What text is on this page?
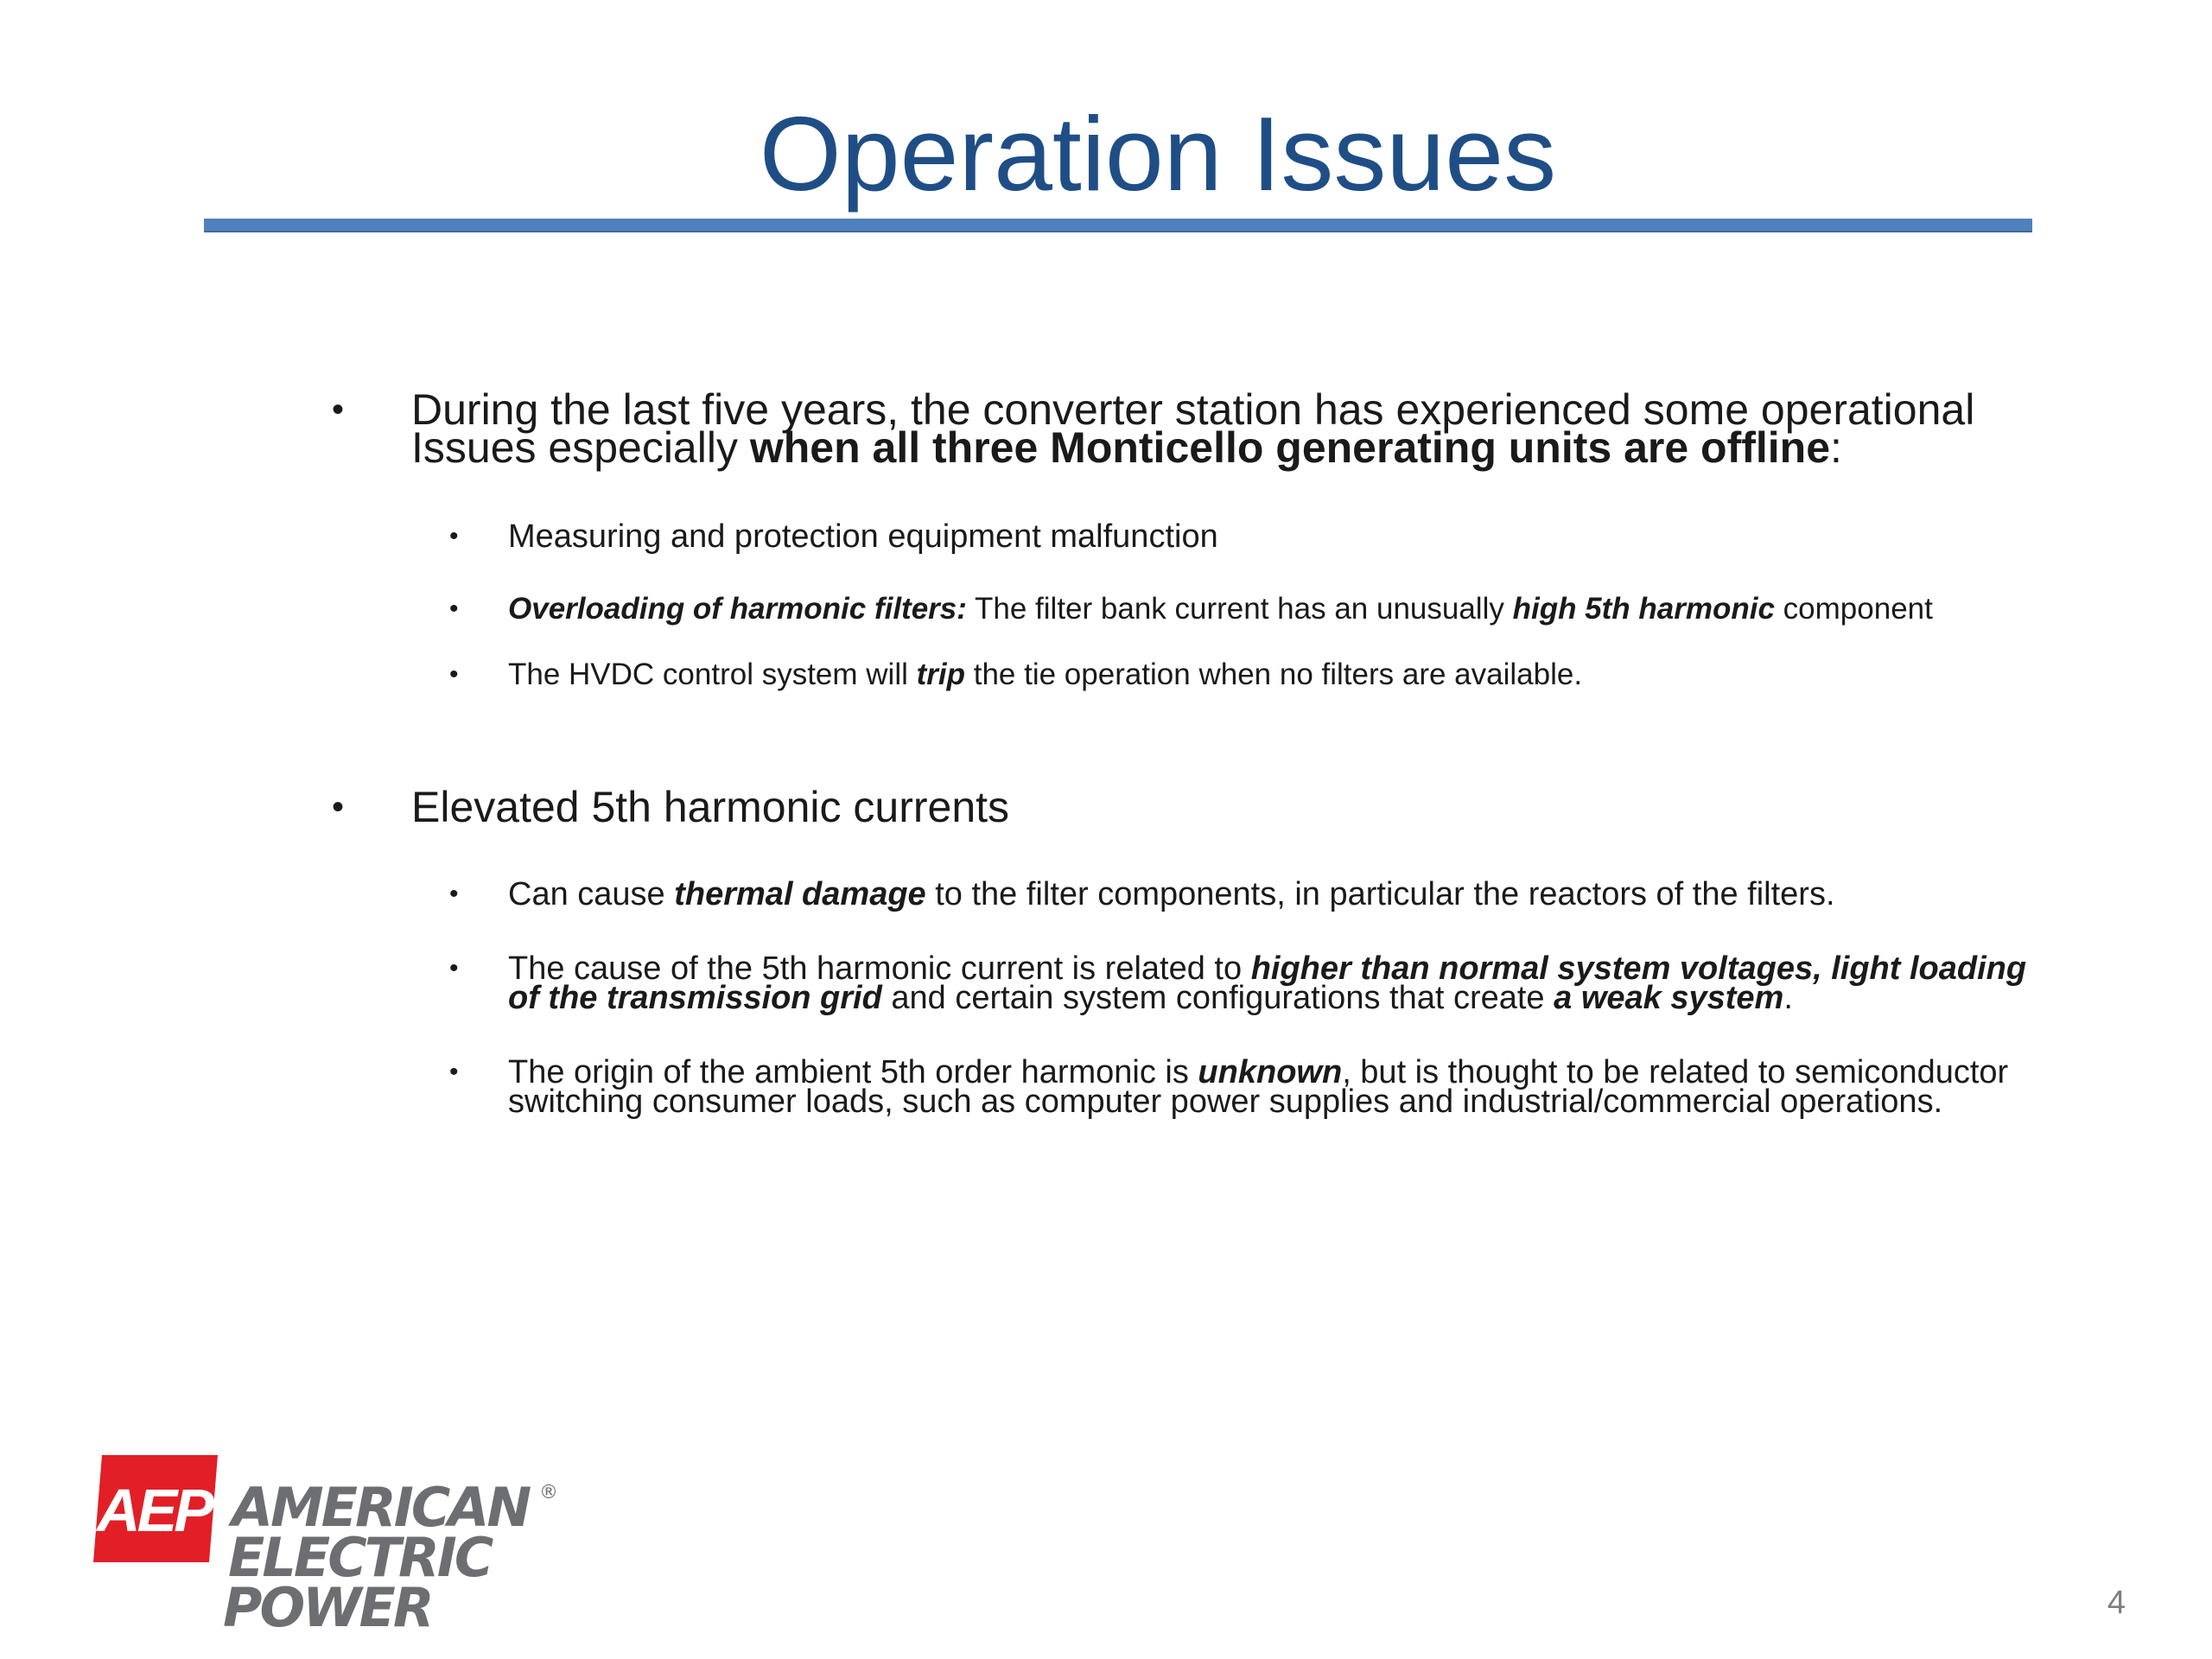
Operation Issues
• During the last five years, the converter station has experienced some operational
Issues especially when all three Monticello generating units are offline:
• Measuring and protection equipment malfunction
• Overloading of harmonic filters: The filter bank current has an unusually high 5th harmonic component
• The HVDC control system will trip the tie operation when no filters are available.
• Elevated 5th harmonic currents
• Can cause thermal damage to the filter components, in particular the reactors of the filters.
• The cause of the 5th harmonic current is related to higher than normal system voltages, light loading
of the transmission grid and certain system configurations that create a weak system.
• The origin of the ambient 5th order harmonic is unknown, but is thought to be related to semiconductor
switching consumer loads, such as computer power supplies and industrial/commercial operations.
AEP AMERICAN
ELECTRIC
POWER
®
4
